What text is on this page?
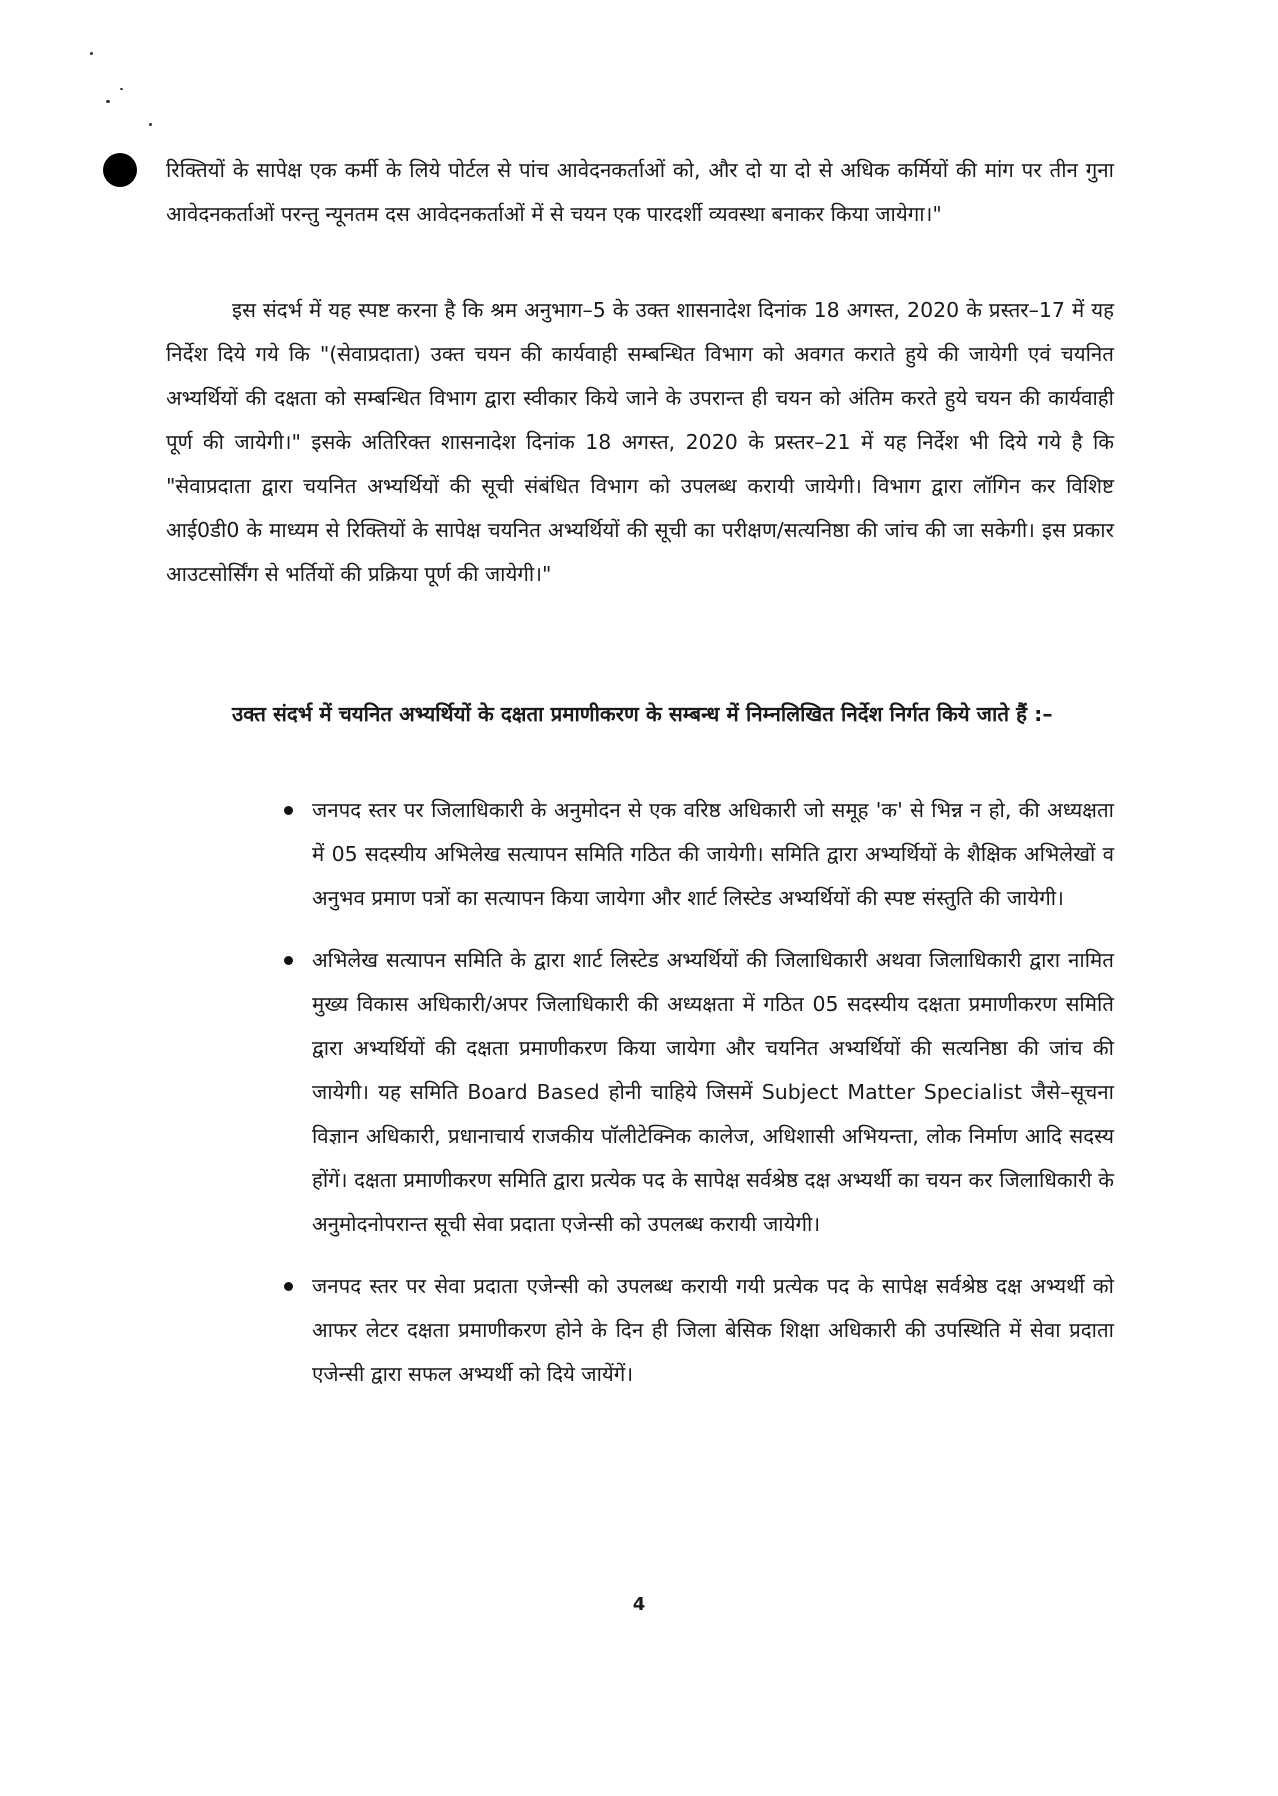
रिक्तियों के सापेक्ष एक कर्मी के लिये पोर्टल से पांच आवेदनकर्ताओं को, और दो या दो से अधिक कर्मियों की मांग पर तीन गुना आवेदनकर्ताओं परन्तु न्यूनतम दस आवेदनकर्ताओं में से चयन एक पारदर्शी व्यवस्था बनाकर किया जायेगा।"

इस संदर्भ में यह स्पष्ट करना है कि श्रम अनुभाग–5 के उक्त शासनादेश दिनांक 18 अगस्त, 2020 के प्रस्तर–17 में यह निर्देश दिये गये कि "(सेवाप्रदाता) उक्त चयन की कार्यवाही सम्बन्धित विभाग को अवगत कराते हुये की जायेगी एवं चयनित अभ्यर्थियों की दक्षता को सम्बन्धित विभाग द्वारा स्वीकार किये जाने के उपरान्त ही चयन को अंतिम करते हुये चयन की कार्यवाही पूर्ण की जायेगी।" इसके अतिरिक्त शासनादेश दिनांक 18 अगस्त, 2020 के प्रस्तर–21 में यह निर्देश भी दिये गये है कि "सेवाप्रदाता द्वारा चयनित अभ्यर्थियों की सूची संबंधित विभाग को उपलब्ध करायी जायेगी। विभाग द्वारा लॉगिन कर विशिष्ट आई0डी0 के माध्यम से रिक्तियों के सापेक्ष चयनित अभ्यर्थियों की सूची का परीक्षण/सत्यनिष्ठा की जांच की जा सकेगी। इस प्रकार आउटसोर्सिंग से भर्तियों की प्रक्रिया पूर्ण की जायेगी।"

उक्त संदर्भ में चयनित अभ्यर्थियों के दक्षता प्रमाणीकरण के सम्बन्ध में निम्नलिखित निर्देश निर्गत किये जाते हैं :–

जनपद स्तर पर जिलाधिकारी के अनुमोदन से एक वरिष्ठ अधिकारी जो समूह 'क' से भिन्न न हो, की अध्यक्षता में 05 सदस्यीय अभिलेख सत्यापन समिति गठित की जायेगी। समिति द्वारा अभ्यर्थियों के शैक्षिक अभिलेखों व अनुभव प्रमाण पत्रों का सत्यापन किया जायेगा और शार्ट लिस्टेड अभ्यर्थियों की स्पष्ट संस्तुति की जायेगी।
अभिलेख सत्यापन समिति के द्वारा शार्ट लिस्टेड अभ्यर्थियों की जिलाधिकारी अथवा जिलाधिकारी द्वारा नामित मुख्य विकास अधिकारी/अपर जिलाधिकारी की अध्यक्षता में गठित 05 सदस्यीय दक्षता प्रमाणीकरण समिति द्वारा अभ्यर्थियों की दक्षता प्रमाणीकरण किया जायेगा और चयनित अभ्यर्थियों की सत्यनिष्ठा की जांच की जायेगी। यह समिति Board Based होनी चाहिये जिसमें Subject Matter Specialist जैसे–सूचना विज्ञान अधिकारी, प्रधानाचार्य राजकीय पॉलीटेक्निक कालेज, अधिशासी अभियन्ता, लोक निर्माण आदि सदस्य होंगें। दक्षता प्रमाणीकरण समिति द्वारा प्रत्येक पद के सापेक्ष सर्वश्रेष्ठ दक्ष अभ्यर्थी का चयन कर जिलाधिकारी के अनुमोदनोपरान्त सूची सेवा प्रदाता एजेन्सी को उपलब्ध करायी जायेगी।
जनपद स्तर पर सेवा प्रदाता एजेन्सी को उपलब्ध करायी गयी प्रत्येक पद के सापेक्ष सर्वश्रेष्ठ दक्ष अभ्यर्थी को आफर लेटर दक्षता प्रमाणीकरण होने के दिन ही जिला बेसिक शिक्षा अधिकारी की उपस्थिति में सेवा प्रदाता एजेन्सी द्वारा सफल अभ्यर्थी को दिये जायेंगें।
4
